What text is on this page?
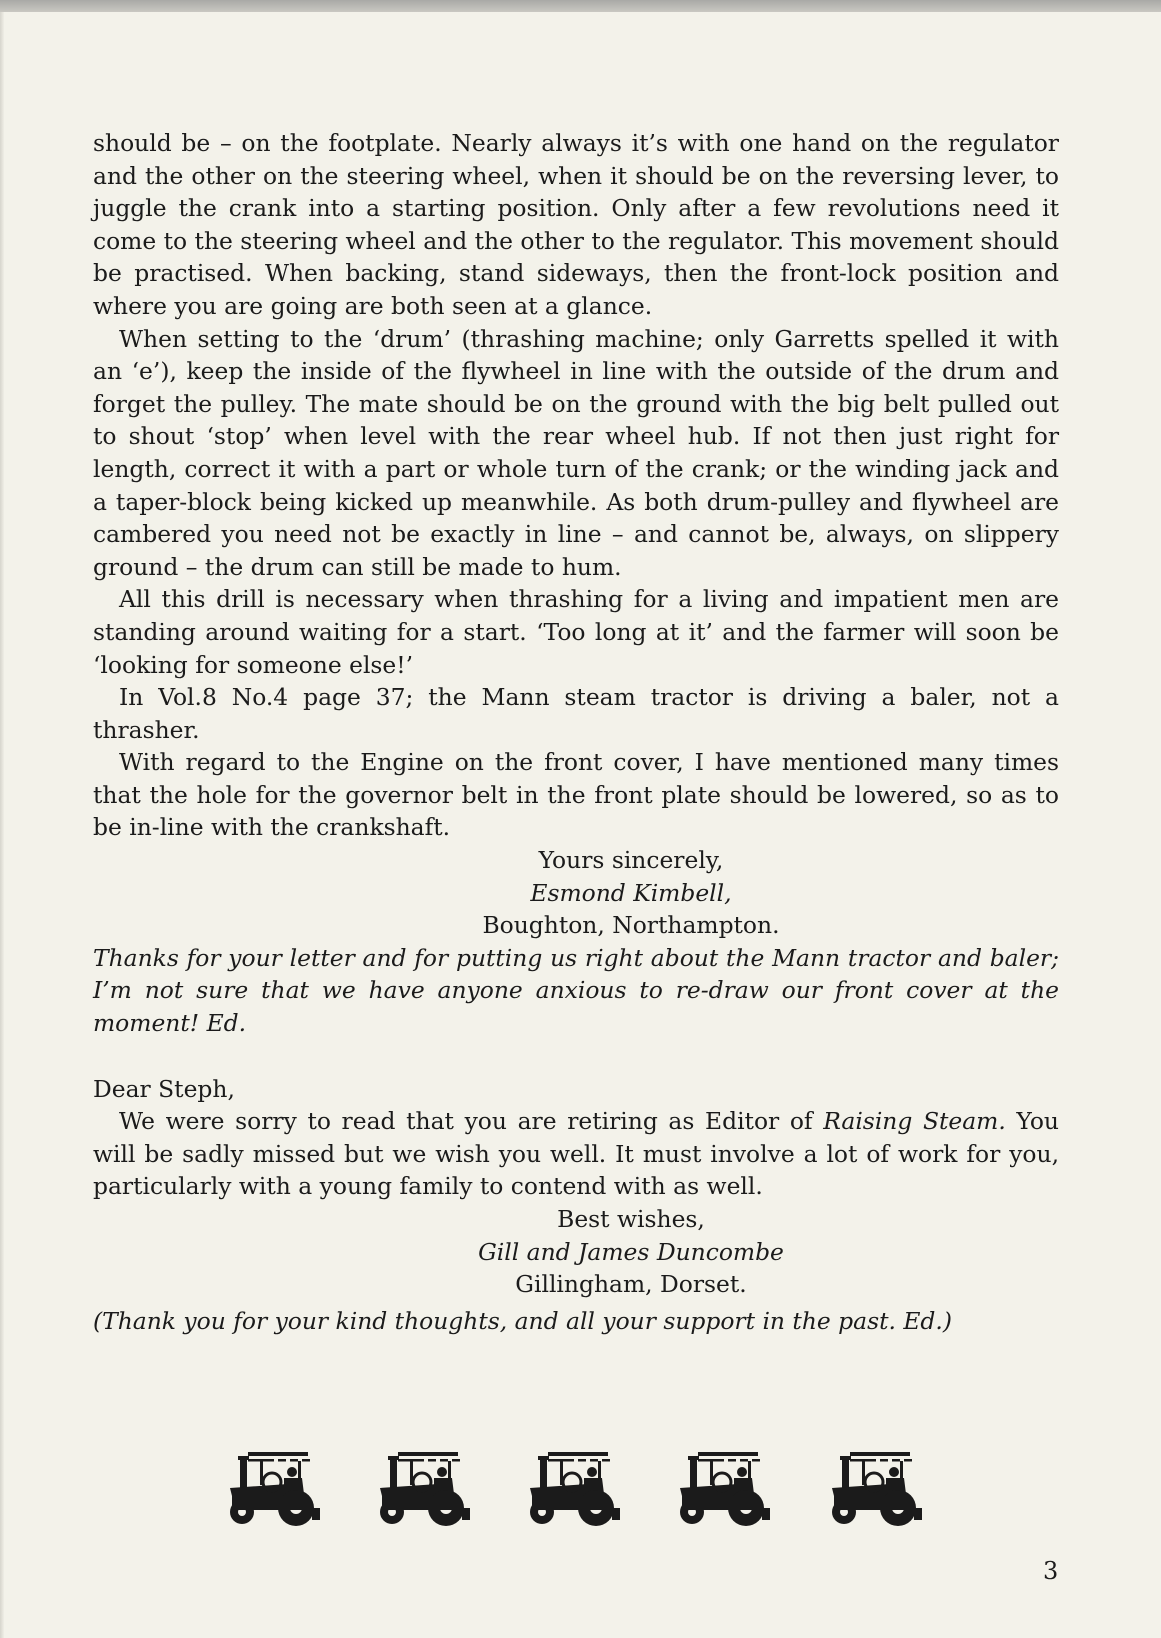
should be – on the footplate. Nearly always it’s with one hand on the regulator and the other on the steering wheel, when it should be on the reversing lever, to juggle the crank into a starting position. Only after a few revolutions need it come to the steering wheel and the other to the regulator. This movement should be practised. When backing, stand sideways, then the front-lock position and where you are going are both seen at a glance.

When setting to the ‘drum’ (thrashing machine; only Garretts spelled it with an ‘e’), keep the inside of the flywheel in line with the outside of the drum and forget the pulley. The mate should be on the ground with the big belt pulled out to shout ‘stop’ when level with the rear wheel hub. If not then just right for length, correct it with a part or whole turn of the crank; or the winding jack and a taper-block being kicked up meanwhile. As both drum-pulley and flywheel are cambered you need not be exactly in line – and cannot be, always, on slippery ground – the drum can still be made to hum.

All this drill is necessary when thrashing for a living and impatient men are standing around waiting for a start. ‘Too long at it’ and the farmer will soon be ‘looking for someone else!’

In Vol.8 No.4 page 37; the Mann steam tractor is driving a baler, not a thrasher.

With regard to the Engine on the front cover, I have mentioned many times that the hole for the governor belt in the front plate should be lowered, so as to be in-line with the crankshaft.

Yours sincerely,

Esmond Kimbell,

Boughton, Northampton.

Thanks for your letter and for putting us right about the Mann tractor and baler; I’m not sure that we have anyone anxious to re-draw our front cover at the moment! Ed.

Dear Steph,

We were sorry to read that you are retiring as Editor of Raising Steam. You will be sadly missed but we wish you well. It must involve a lot of work for you, particularly with a young family to contend with as well.

Best wishes,

Gill and James Duncombe

Gillingham, Dorset.

(Thank you for your kind thoughts, and all your support in the past. Ed.)

3
